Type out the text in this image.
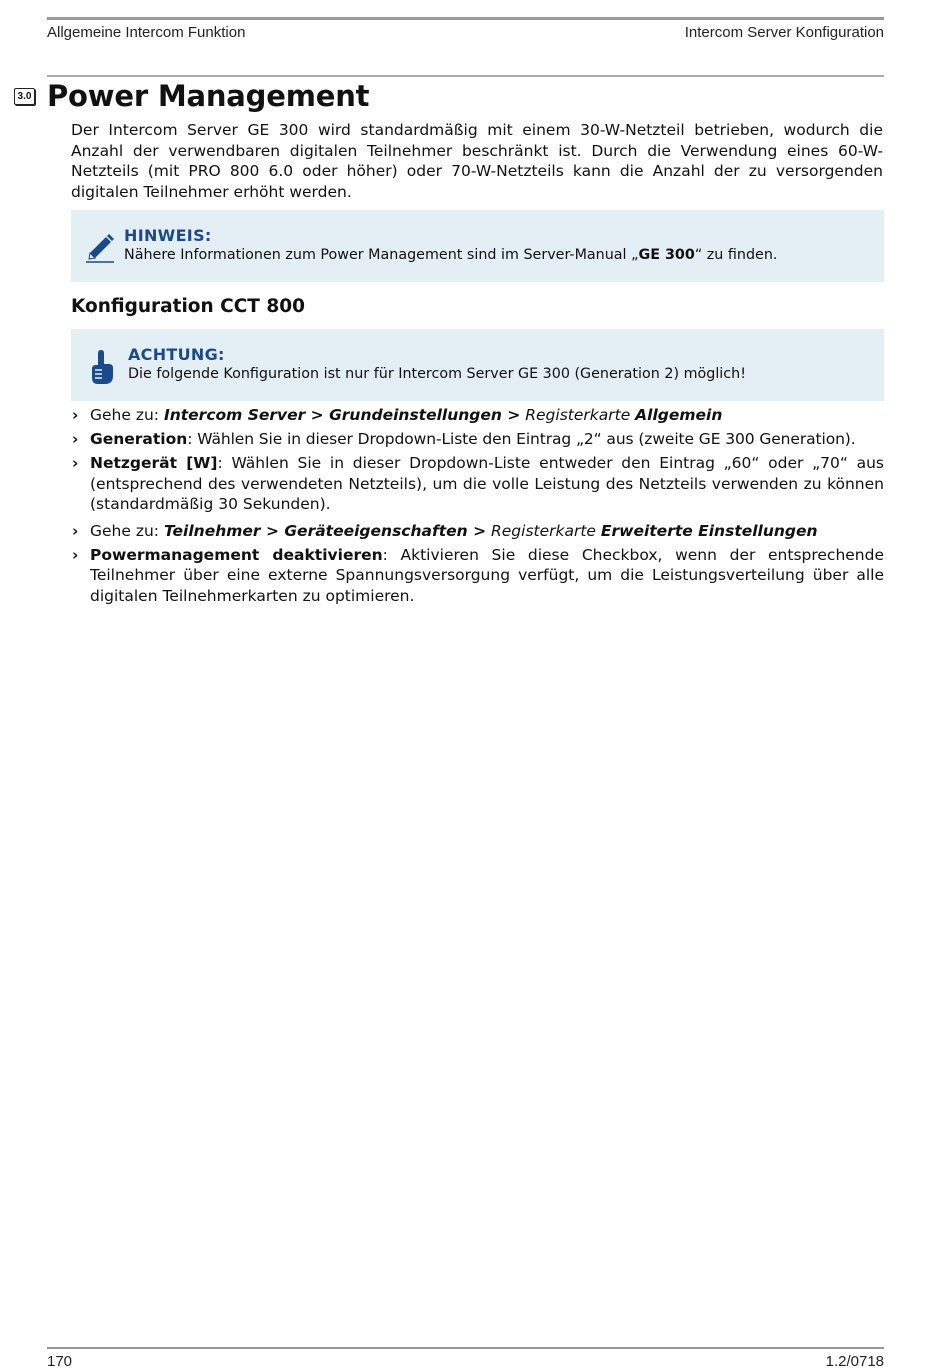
Allgemeine Intercom Funktion	Intercom Server Konfiguration
3.0 Power Management

Der Intercom Server GE 300 wird standardmäßig mit einem 30-W-Netzteil betrieben, wodurch die Anzahl der verwendbaren digitalen Teilnehmer beschränkt ist. Durch die Verwendung eines 60-W-Netzteils (mit PRO 800 6.0 oder höher) oder 70-W-Netzteils kann die Anzahl der zu versorgenden digitalen Teilnehmer erhöht werden.

HINWEIS:
Nähere Informationen zum Power Management sind im Server-Manual „GE 300“ zu finden.
Konfiguration CCT 800
ACHTUNG:
Die folgende Konfiguration ist nur für Intercom Server GE 300 (Generation 2) möglich!
› Gehe zu: Intercom Server > Grundeinstellungen > Registerkarte Allgemein
› Generation: Wählen Sie in dieser Dropdown-Liste den Eintrag „2“ aus (zweite GE 300 Generation).
› Netzgerät [W]: Wählen Sie in dieser Dropdown-Liste entweder den Eintrag „60“ oder „70“ aus (entsprechend des verwendeten Netzteils), um die volle Leistung des Netzteils verwenden zu können (standardmäßig 30 Sekunden).
› Gehe zu: Teilnehmer > Geräteeigenschaften > Registerkarte Erweiterte Einstellungen
› Powermanagement deaktivieren: Aktivieren Sie diese Checkbox, wenn der entsprechende Teilnehmer über eine externe Spannungsversorgung verfügt, um die Leistungsverteilung über alle digitalen Teilnehmerkarten zu optimieren.
170	1.2/0718
